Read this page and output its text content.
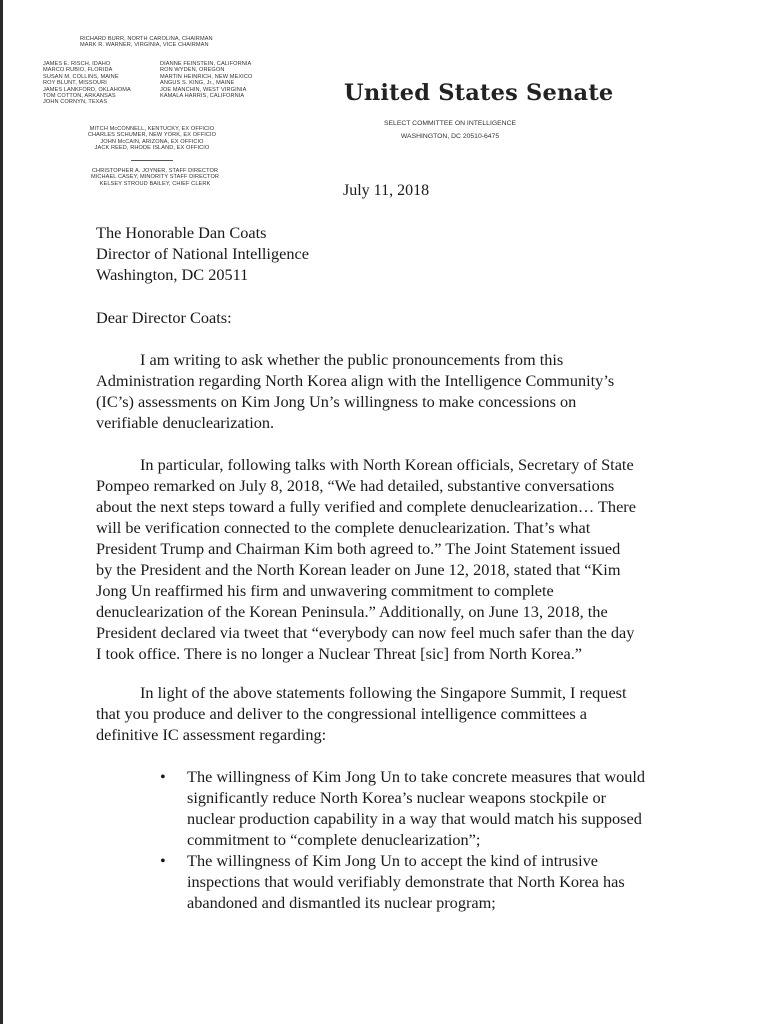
RICHARD BURR, NORTH CAROLINA, CHAIRMAN
MARK R. WARNER, VIRGINIA, VICE CHAIRMAN
JAMES E. RISCH, IDAHO
MARCO RUBIO, FLORIDA
SUSAN M. COLLINS, MAINE
ROY BLUNT, MISSOURI
JAMES LANKFORD, OKLAHOMA
TOM COTTON, ARKANSAS
JOHN CORNYN, TEXAS
DIANNE FEINSTEIN, CALIFORNIA
RON WYDEN, OREGON
MARTIN HEINRICH, NEW MEXICO
ANGUS S. KING, Jr., MAINE
JOE MANCHIN, WEST VIRGINIA
KAMALA HARRIS, CALIFORNIA
MITCH McCONNELL, KENTUCKY, EX OFFICIO
CHARLES SCHUMER, NEW YORK, EX OFFICIO
JOHN McCAIN, ARIZONA, EX OFFICIO
JACK REED, RHODE ISLAND, EX OFFICIO
CHRISTOPHER A. JOYNER, STAFF DIRECTOR
MICHAEL CASEY, MINORITY STAFF DIRECTOR
KELSEY STROUD BAILEY, CHIEF CLERK
United States Senate
SELECT COMMITTEE ON INTELLIGENCE
WASHINGTON, DC 20510-6475
July 11, 2018
The Honorable Dan Coats
Director of National Intelligence
Washington, DC 20511
Dear Director Coats:
I am writing to ask whether the public pronouncements from this
Administration regarding North Korea align with the Intelligence Community’s
(IC’s) assessments on Kim Jong Un’s willingness to make concessions on
verifiable denuclearization.
In particular, following talks with North Korean officials, Secretary of State
Pompeo remarked on July 8, 2018, “We had detailed, substantive conversations
about the next steps toward a fully verified and complete denuclearization… There
will be verification connected to the complete denuclearization. That’s what
President Trump and Chairman Kim both agreed to.” The Joint Statement issued
by the President and the North Korean leader on June 12, 2018, stated that “Kim
Jong Un reaffirmed his firm and unwavering commitment to complete
denuclearization of the Korean Peninsula.” Additionally, on June 13, 2018, the
President declared via tweet that “everybody can now feel much safer than the day
I took office. There is no longer a Nuclear Threat [sic] from North Korea.”
In light of the above statements following the Singapore Summit, I request
that you produce and deliver to the congressional intelligence committees a
definitive IC assessment regarding:
• The willingness of Kim Jong Un to take concrete measures that would
significantly reduce North Korea’s nuclear weapons stockpile or
nuclear production capability in a way that would match his supposed
commitment to “complete denuclearization”;
• The willingness of Kim Jong Un to accept the kind of intrusive
inspections that would verifiably demonstrate that North Korea has
abandoned and dismantled its nuclear program;
